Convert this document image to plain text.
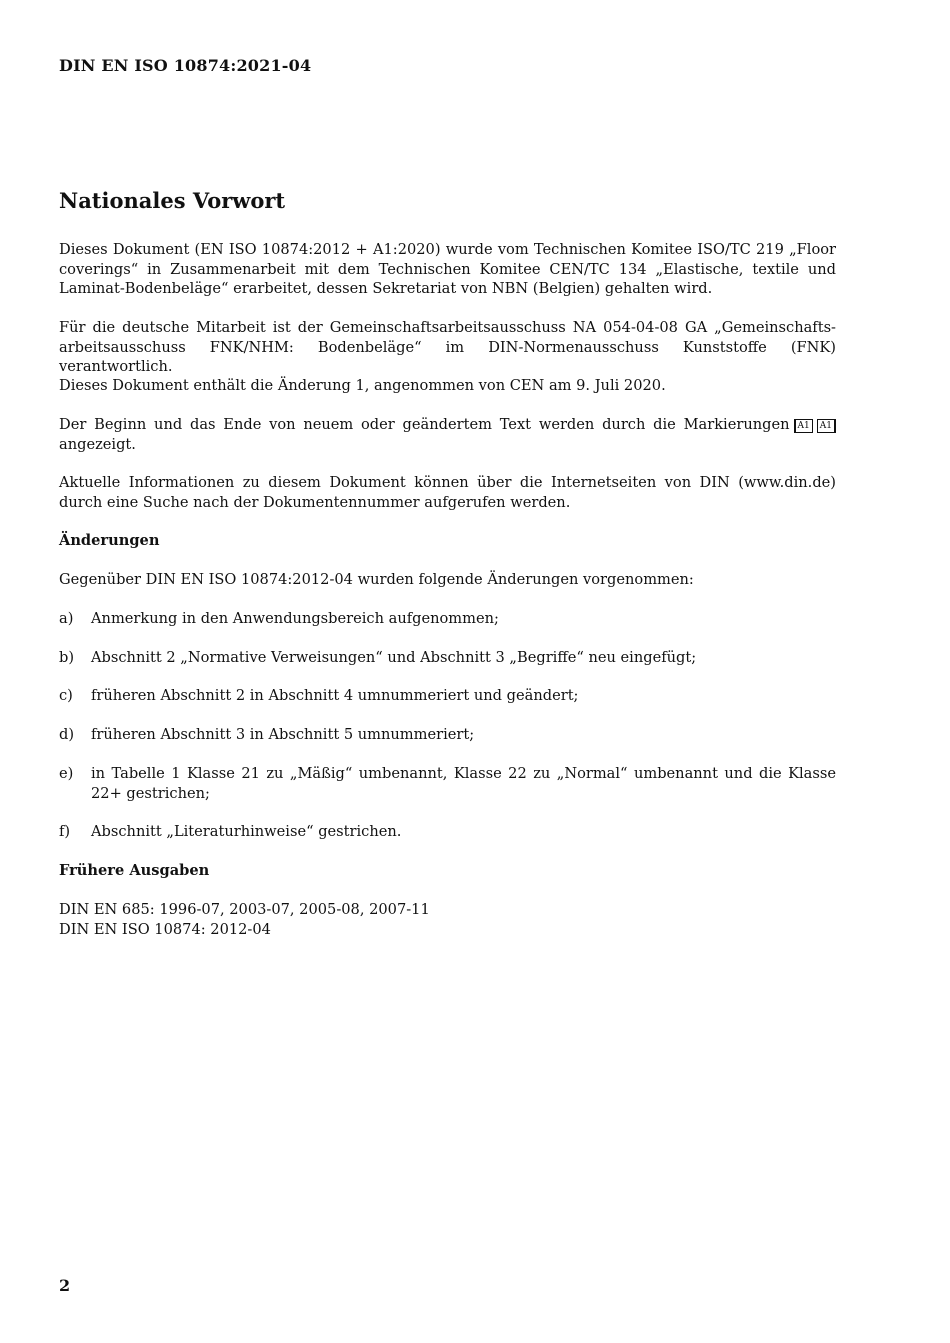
DIN EN ISO 10874:2021-04
Nationales Vorwort
Dieses Dokument (EN ISO 10874:2012 + A1:2020) wurde vom Technischen Komitee ISO/TC 219 „Floor coverings“ in Zusammenarbeit mit dem Technischen Komitee CEN/TC 134 „Elastische, textile und Laminat-Bodenbeläge“ erarbeitet, dessen Sekretariat von NBN (Belgien) gehalten wird.
Für die deutsche Mitarbeit ist der Gemeinschaftsarbeitsausschuss NA 054-04-08 GA „Gemeinschafts-arbeitsausschuss FNK/NHM: Bodenbeläge“ im DIN-Normenausschuss Kunststoffe (FNK) verantwortlich.
Dieses Dokument enthält die Änderung 1, angenommen von CEN am 9. Juli 2020.
Der Beginn und das Ende von neuem oder geändertem Text werden durch die Markierungen A1 A1
angezeigt.
Aktuelle Informationen zu diesem Dokument können über die Internetseiten von DIN (www.din.de) durch eine Suche nach der Dokumentennummer aufgerufen werden.
Änderungen
Gegenüber DIN EN ISO 10874:2012-04 wurden folgende Änderungen vorgenommen:
a) Anmerkung in den Anwendungsbereich aufgenommen;
b) Abschnitt 2 „Normative Verweisungen“ und Abschnitt 3 „Begriffe“ neu eingefügt;
c) früheren Abschnitt 2 in Abschnitt 4 umnummeriert und geändert;
d) früheren Abschnitt 3 in Abschnitt 5 umnummeriert;
e) in Tabelle 1 Klasse 21 zu „Mäßig“ umbenannt, Klasse 22 zu „Normal“ umbenannt und die Klasse 22+ gestrichen;
f) Abschnitt „Literaturhinweise“ gestrichen.
Frühere Ausgaben
DIN EN 685: 1996-07, 2003-07, 2005-08, 2007-11
DIN EN ISO 10874: 2012-04
2
